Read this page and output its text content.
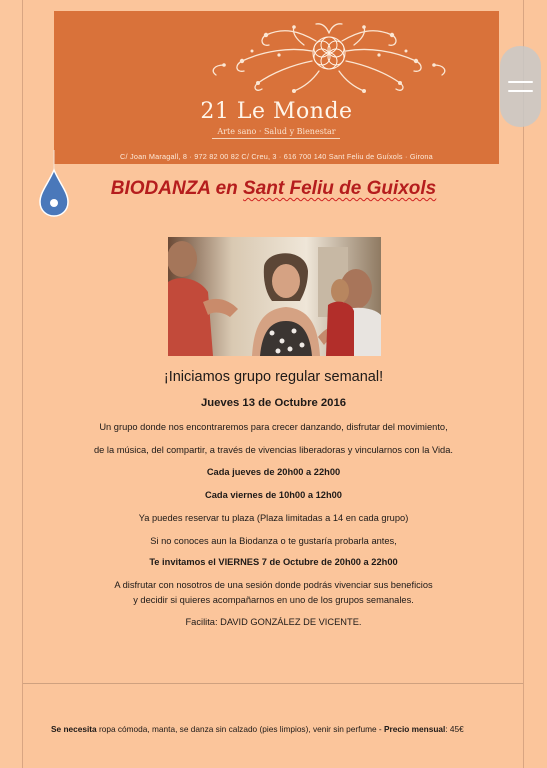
21 Le Monde
Arte sano · Salud y Bienestar
C/ Joan Maragall, 8 · 972 82 00 82 C/ Creu, 3 · 616 700 140 Sant Feliu de Guíxols · Girona
BIODANZA en Sant Feliu de Guixols
¡Iniciamos grupo regular semanal!
Jueves 13 de Octubre 2016
Un grupo donde nos encontraremos para crecer danzando, disfrutar del movimiento,
de la música, del compartir, a través de vivencias liberadoras y vincularnos con la Vida.
Cada jueves de 20h00 a 22h00
Cada viernes de 10h00 a 12h00
Ya puedes reservar tu plaza (Plaza limitadas a 14 en cada grupo)
Si no conoces aun la Biodanza o te gustaría probarla antes,
Te invitamos el VIERNES 7 de Octubre de 20h00 a 22h00
A disfrutar con nosotros de una sesión donde podrás vivenciar sus beneficios
y decidir si quieres acompañarnos en uno de los grupos semanales.
Facilita: DAVID GONZÁLEZ DE VICENTE.
Se necesita ropa cómoda, manta, se danza sin calzado (pies limpios), venir sin perfume - Precio mensual: 45€
